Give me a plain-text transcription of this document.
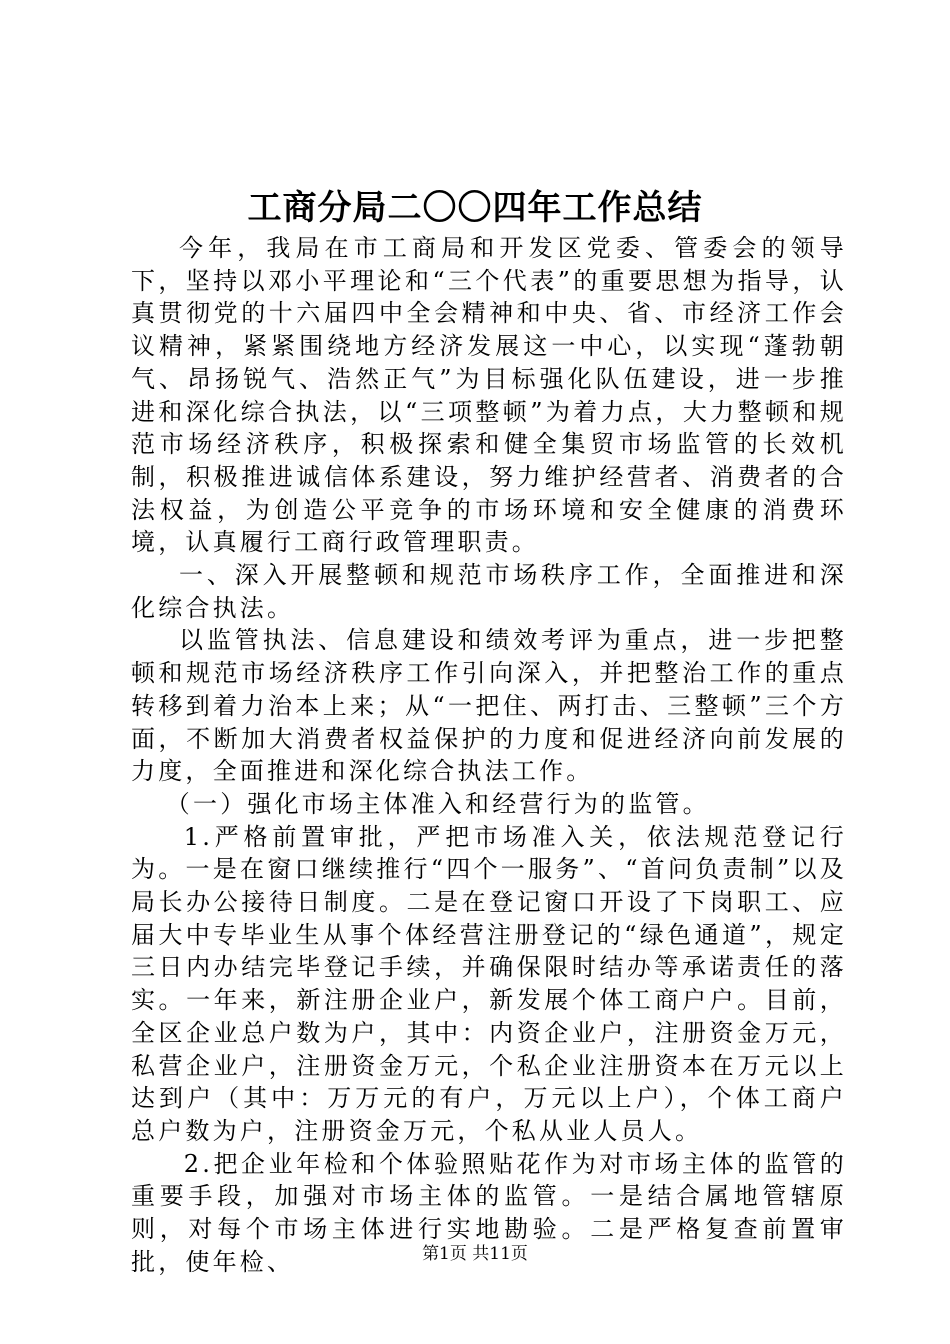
工商分局二〇〇四年工作总结

今年，我局在市工商局和开发区党委、管委会的领导下，坚持以邓小平理论和“三个代表”的重要思想为指导，认真贯彻党的十六届四中全会精神和中央、省、市经济工作会议精神，紧紧围绕地方经济发展这一中心，以实现“蓬勃朝气、昂扬锐气、浩然正气”为目标强化队伍建设，进一步推进和深化综合执法，以“三项整顿”为着力点，大力整顿和规范市场经济秩序，积极探索和健全集贸市场监管的长效机制，积极推进诚信体系建设，努力维护经营者、消费者的合法权益，为创造公平竞争的市场环境和安全健康的消费环境，认真履行工商行政管理职责。

一、深入开展整顿和规范市场秩序工作，全面推进和深化综合执法。

以监管执法、信息建设和绩效考评为重点，进一步把整顿和规范市场经济秩序工作引向深入，并把整治工作的重点转移到着力治本上来；从“一把住、两打击、三整顿”三个方面，不断加大消费者权益保护的力度和促进经济向前发展的力度，全面推进和深化综合执法工作。

（一）强化市场主体准入和经营行为的监管。

1.严格前置审批，严把市场准入关，依法规范登记行为。一是在窗口继续推行“四个一服务”、“首问负责制”以及局长办公接待日制度。二是在登记窗口开设了下岗职工、应届大中专毕业生从事个体经营注册登记的“绿色通道”，规定三日内办结完毕登记手续，并确保限时结办等承诺责任的落实。一年来，新注册企业户，新发展个体工商户户。目前，全区企业总户数为户，其中：内资企业户，注册资金万元，私营企业户，注册资金万元，个私企业注册资本在万元以上达到户（其中：万万元的有户，万元以上户），个体工商户总户数为户，注册资金万元，个私从业人员人。

2.把企业年检和个体验照贴花作为对市场主体的监管的重要手段，加强对市场主体的监管。一是结合属地管辖原则，对每个市场主体进行实地勘验。二是严格复查前置审批，使年检、	第1页 共11页
